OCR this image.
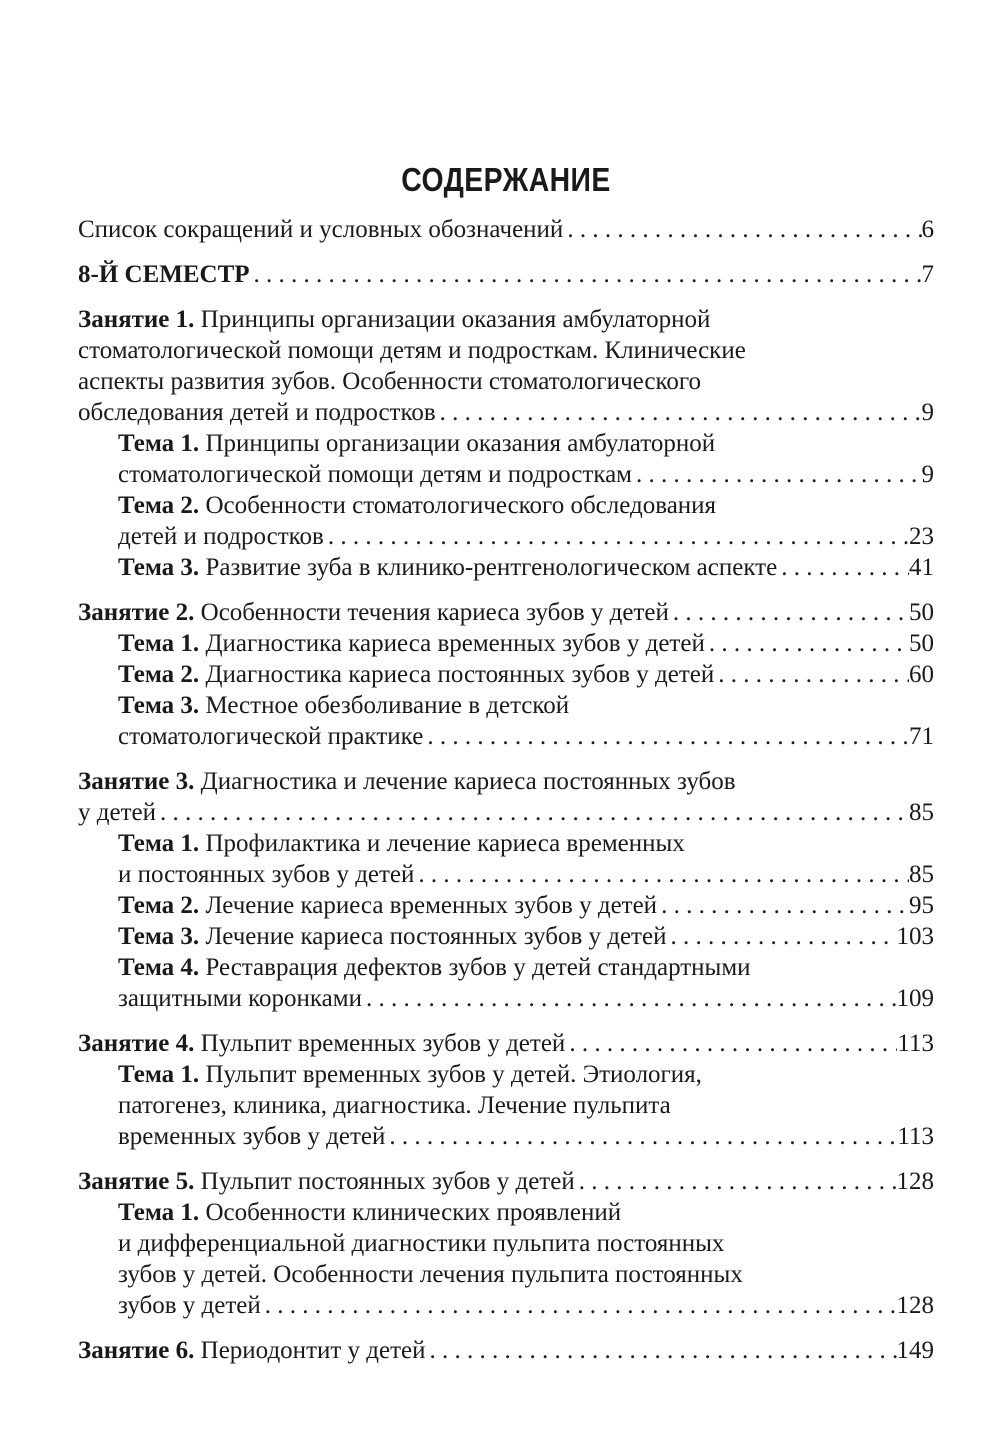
СОДЕРЖАНИЕ
Список сокращений и условных обозначений . . .	6
8-Й СЕМЕСТР . . .	7
Занятие 1. Принципы организации оказания амбулаторной
стоматологической помощи детям и подросткам. Клинические
аспекты развития зубов. Особенности стоматологического
обследования детей и подростков . . .	9
Тема 1. Принципы организации оказания амбулаторной
стоматологической помощи детям и подросткам . . .	9
Тема 2. Особенности стоматологического обследования
детей и подростков . . .	23
Тема 3. Развитие зуба в клинико-рентгенологическом аспекте . . .	41
Занятие 2. Особенности течения кариеса зубов у детей . . .	50
Тема 1. Диагностика кариеса временных зубов у детей . . .	50
Тема 2. Диагностика кариеса постоянных зубов у детей . . .	60
Тема 3. Местное обезболивание в детской
стоматологической практике . . .	71
Занятие 3. Диагностика и лечение кариеса постоянных зубов
у детей . . .	85
Тема 1. Профилактика и лечение кариеса временных
и постоянных зубов у детей . . .	85
Тема 2. Лечение кариеса временных зубов у детей . . .	95
Тема 3. Лечение кариеса постоянных зубов у детей . . .	103
Тема 4. Реставрация дефектов зубов у детей стандартными
защитными коронками . . .	109
Занятие 4. Пульпит временных зубов у детей . . .	113
Тема 1. Пульпит временных зубов у детей. Этиология,
патогенез, клиника, диагностика. Лечение пульпита
временных зубов у детей . . .	113
Занятие 5. Пульпит постоянных зубов у детей . . .	128
Тема 1. Особенности клинических проявлений
и дифференциальной диагностики пульпита постоянных
зубов у детей. Особенности лечения пульпита постоянных
зубов у детей . . .	128
Занятие 6. Периодонтит у детей . . .	149
